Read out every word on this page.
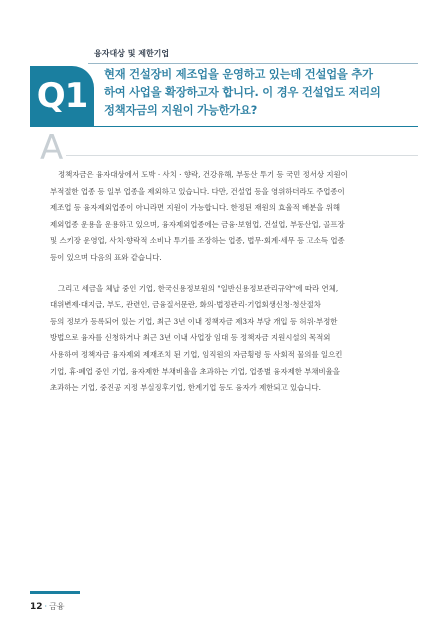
융자대상 및 제한기업
Q1
현재 건설장비 제조업을 운영하고 있는데 건설업을 추가
하여 사업을 확장하고자 합니다. 이 경우 건설업도 저리의
정책자금의 지원이 가능한가요?
A
정책자금은 융자대상에서 도박 · 사치 · 향락, 건강유해, 부동산 투기 등 국민 정서상 지원이
부적절한 업종 등 일부 업종을 제외하고 있습니다. 다만, 건설업 등을 영위하더라도 주업종이
제조업 등 융자제외업종이 아니라면 지원이 가능합니다. 한정된 재원의 효율적 배분을 위해
제외업종 운용을 운용하고 있으며, 융자제외업종에는 금융·보험업, 건설업, 부동산업, 골프장
및 스키장 운영업, 사치·향락적 소비나 투기를 조장하는 업종, 법무·회계·세무 등 고소득 업종
등이 있으며 다음의 표와 같습니다.
그리고 세금을 체납 중인 기업, 한국신용정보원의 "일반신용정보관리규약"에 따라 연체,
대위변제·대지급, 부도, 관련인, 금융질서문란, 화의·법정관리·기업회생신청·청산절차
등의 정보가 등록되어 있는 기업, 최근 3년 이내 정책자금 제3자 부당 개입 등 허위·부정한
방법으로 융자를 신청하거나 최근 3년 이내 사업장 임대 등 정책자금 지원시설의 목적외
사용하여 정책자금 융자제외 제재조치 된 기업, 임직원의 자금횡령 등 사회적 물의를 일으킨
기업, 휴·폐업 중인 기업, 융자제한 부채비율을 초과하는 기업, 업종별 융자제한 부채비율을
초과하는 기업, 중진공 지정 부실징후기업, 한계기업 등도 융자가 제한되고 있습니다.
12 · 금융
